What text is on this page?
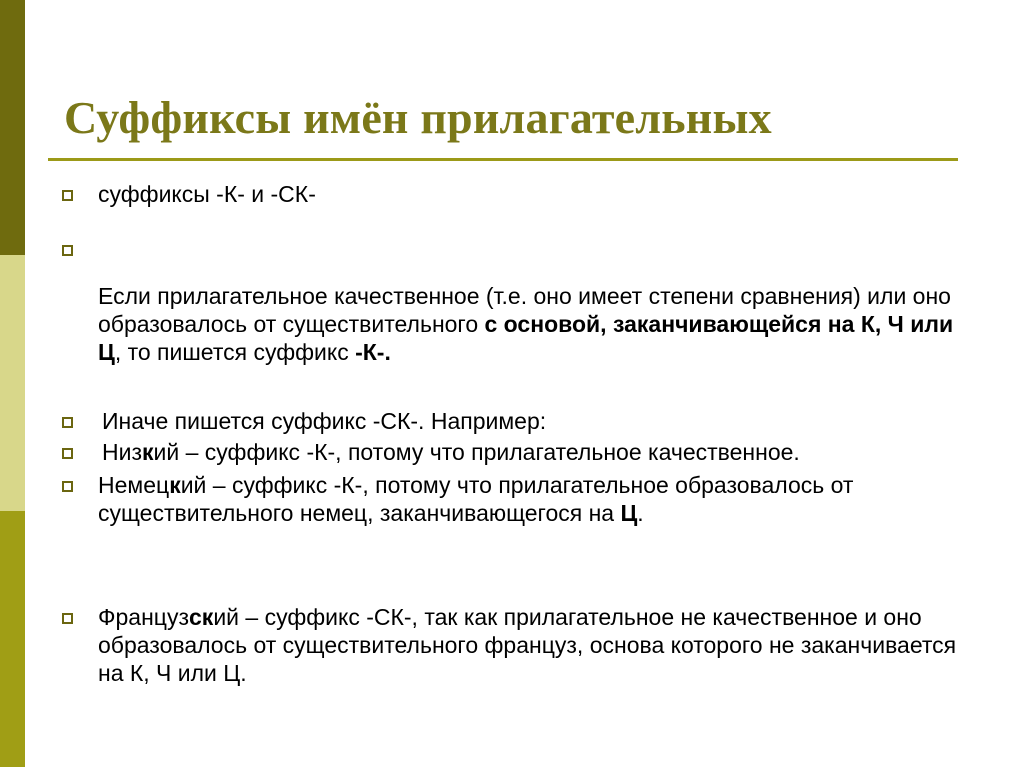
Суффиксы имён прилагательных
суффиксы -К- и -СК-
Если прилагательное качественное (т.е. оно имеет степени сравнения) или оно образовалось от существительного с основой, заканчивающейся на К, Ч или Ц, то пишется суффикс -К-.
Иначе пишется суффикс -СК-. Например:
Низкий – суффикс -К-, потому что прилагательное качественное.
Немецкий – суффикс -К-, потому что прилагательное образовалось от существительного немец, заканчивающегося на Ц.
Французский – суффикс -СК-, так как прилагательное не качественное и оно образовалось от существительного француз, основа которого не заканчивается на К, Ч или Ц.
